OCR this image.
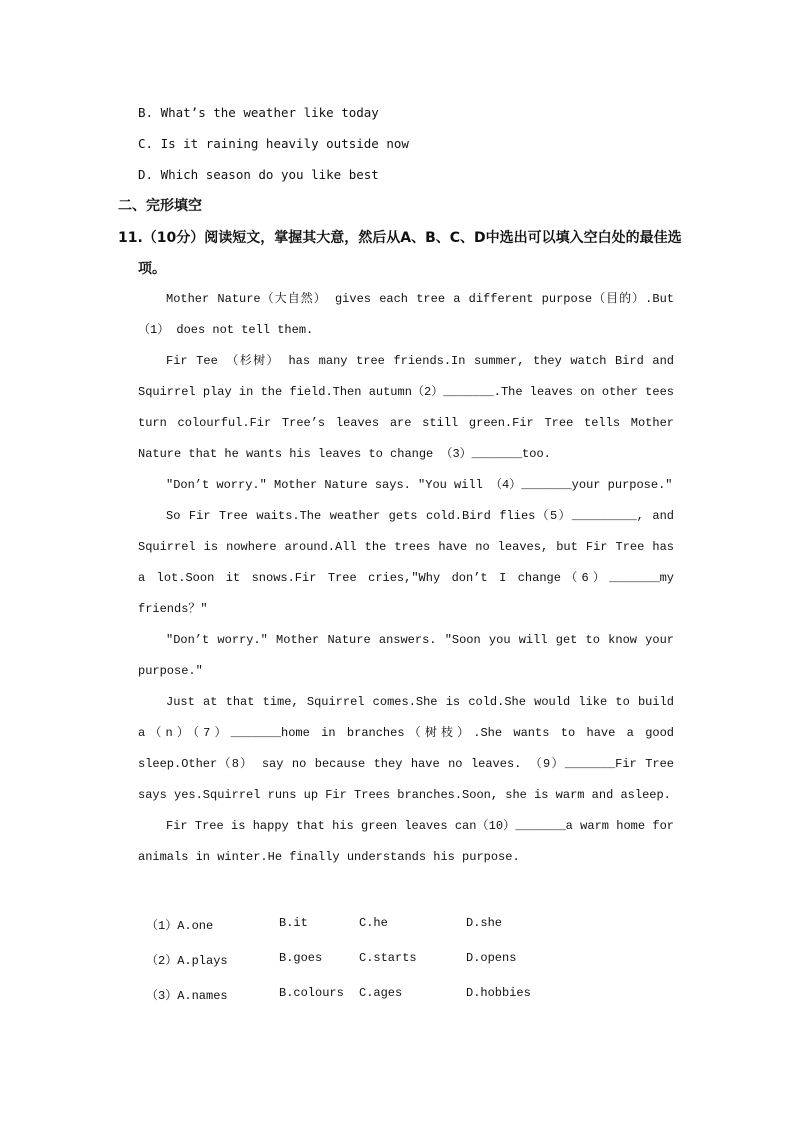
B. What’s the weather like today
C. Is it raining heavily outside now
D. Which season do you like best
二、完形填空
11.（10分）阅读短文，掌握其大意，然后从A、B、C、D中选出可以填入空白处的最佳选
项。
Mother Nature（大自然） gives each tree a different purpose（目的）.But（1） does not tell them.
Fir Tee （杉树） has many tree friends.In summer, they watch Bird and Squirrel play in the field.Then autumn（2）_______.The leaves on other tees turn colourful.Fir Tree’s leaves are still green.Fir Tree tells Mother Nature that he wants his leaves to change （3）_______too.
″Don’t worry.″ Mother Nature says. ″You will （4）_______your purpose.″
So Fir Tree waits.The weather gets cold.Bird flies（5）_________, and Squirrel is nowhere around.All the trees have no leaves, but Fir Tree has a lot.Soon it snows.Fir Tree cries,″Why don’t I change（6）_______my friends？″
″Don’t worry.″ Mother Nature answers. ″Soon you will get to know your purpose.″
Just at that time, Squirrel comes.She is cold.She would like to build a（n）（7）_______home in branches（树枝）.She wants to have a good sleep.Other（8） say no because they have no leaves. （9）_______Fir Tree says yes.Squirrel runs up Fir Trees branches.Soon, she is warm and asleep.
Fir Tree is happy that his green leaves can（10）_______a warm home for animals in winter.He finally understands his purpose.
（1）A.one	B.it	C.he	D.she
（2）A.plays	B.goes	C.starts	D.opens
（3）A.names	B.colours C.ages	D.hobbies
